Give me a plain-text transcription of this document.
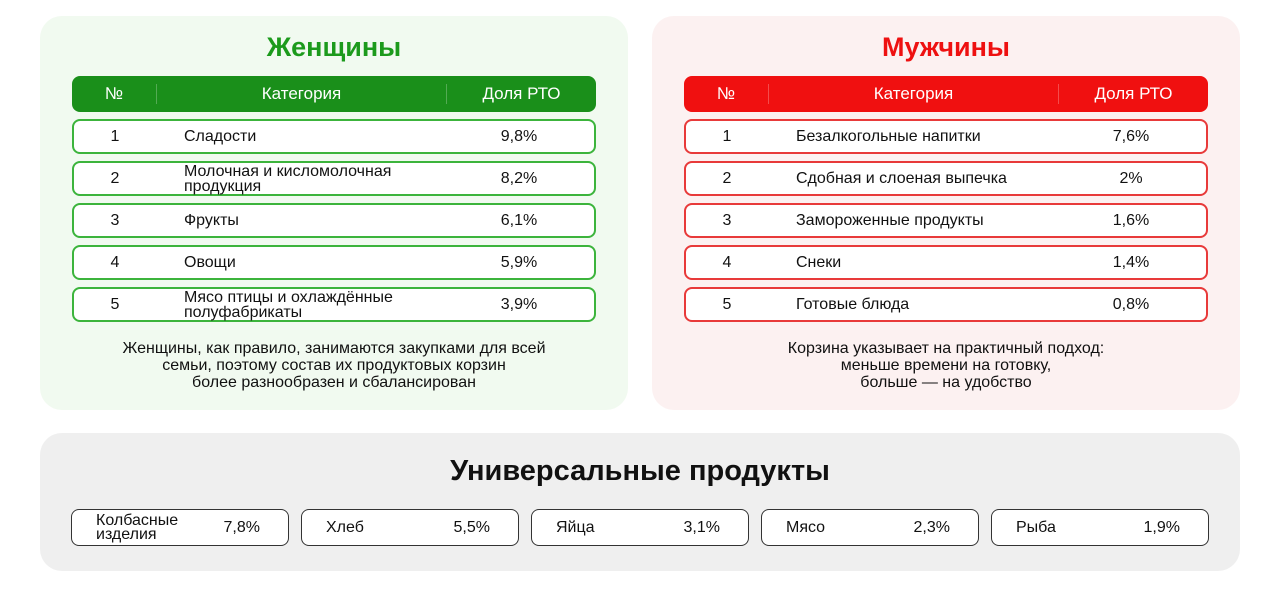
Женщины
№	Категория	Доля РТО
1	Сладости	9,8%
2	Молочная и кисломолочная продукция	8,2%
3	Фрукты	6,1%
4	Овощи	5,9%
5	Мясо птицы и охлаждённые полуфабрикаты	3,9%
Женщины, как правило, занимаются закупками для всей
семьи, поэтому состав их продуктовых корзин
более разнообразен и сбалансирован
Мужчины
№	Категория	Доля РТО
1	Безалкогольные напитки	7,6%
2	Сдобная и слоеная выпечка	2%
3	Замороженные продукты	1,6%
4	Снеки	1,4%
5	Готовые блюда	0,8%
Корзина указывает на практичный подход:
меньше времени на готовку,
больше — на удобство
Универсальные продукты
Колбасные изделия	7,8%	Хлеб	5,5%	Яйца	3,1%	Мясо	2,3%	Рыба	1,9%
